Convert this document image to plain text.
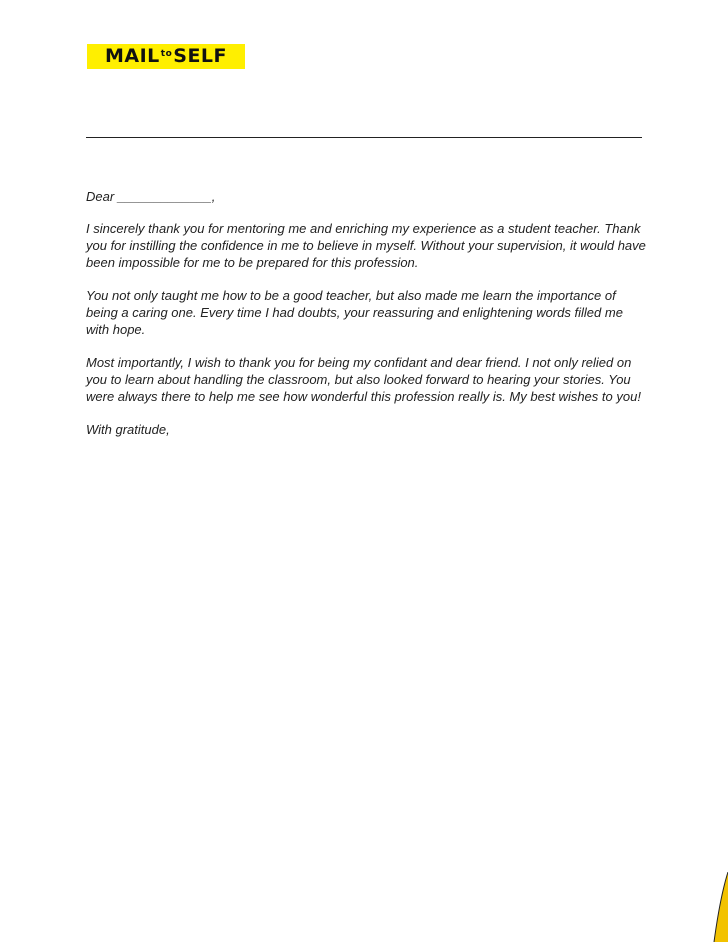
MAILtoSELF

Dear _____________,

I sincerely thank you for mentoring me and enriching my experience as a student teacher. Thank you for instilling the confidence in me to believe in myself. Without your supervision, it would have been impossible for me to be prepared for this profession.

You not only taught me how to be a good teacher, but also made me learn the importance of being a caring one. Every time I had doubts, your reassuring and enlightening words filled me with hope.

Most importantly, I wish to thank you for being my confidant and dear friend. I not only relied on you to learn about handling the classroom, but also looked forward to hearing your stories. You were always there to help me see how wonderful this profession really is. My best wishes to you!

With gratitude,
